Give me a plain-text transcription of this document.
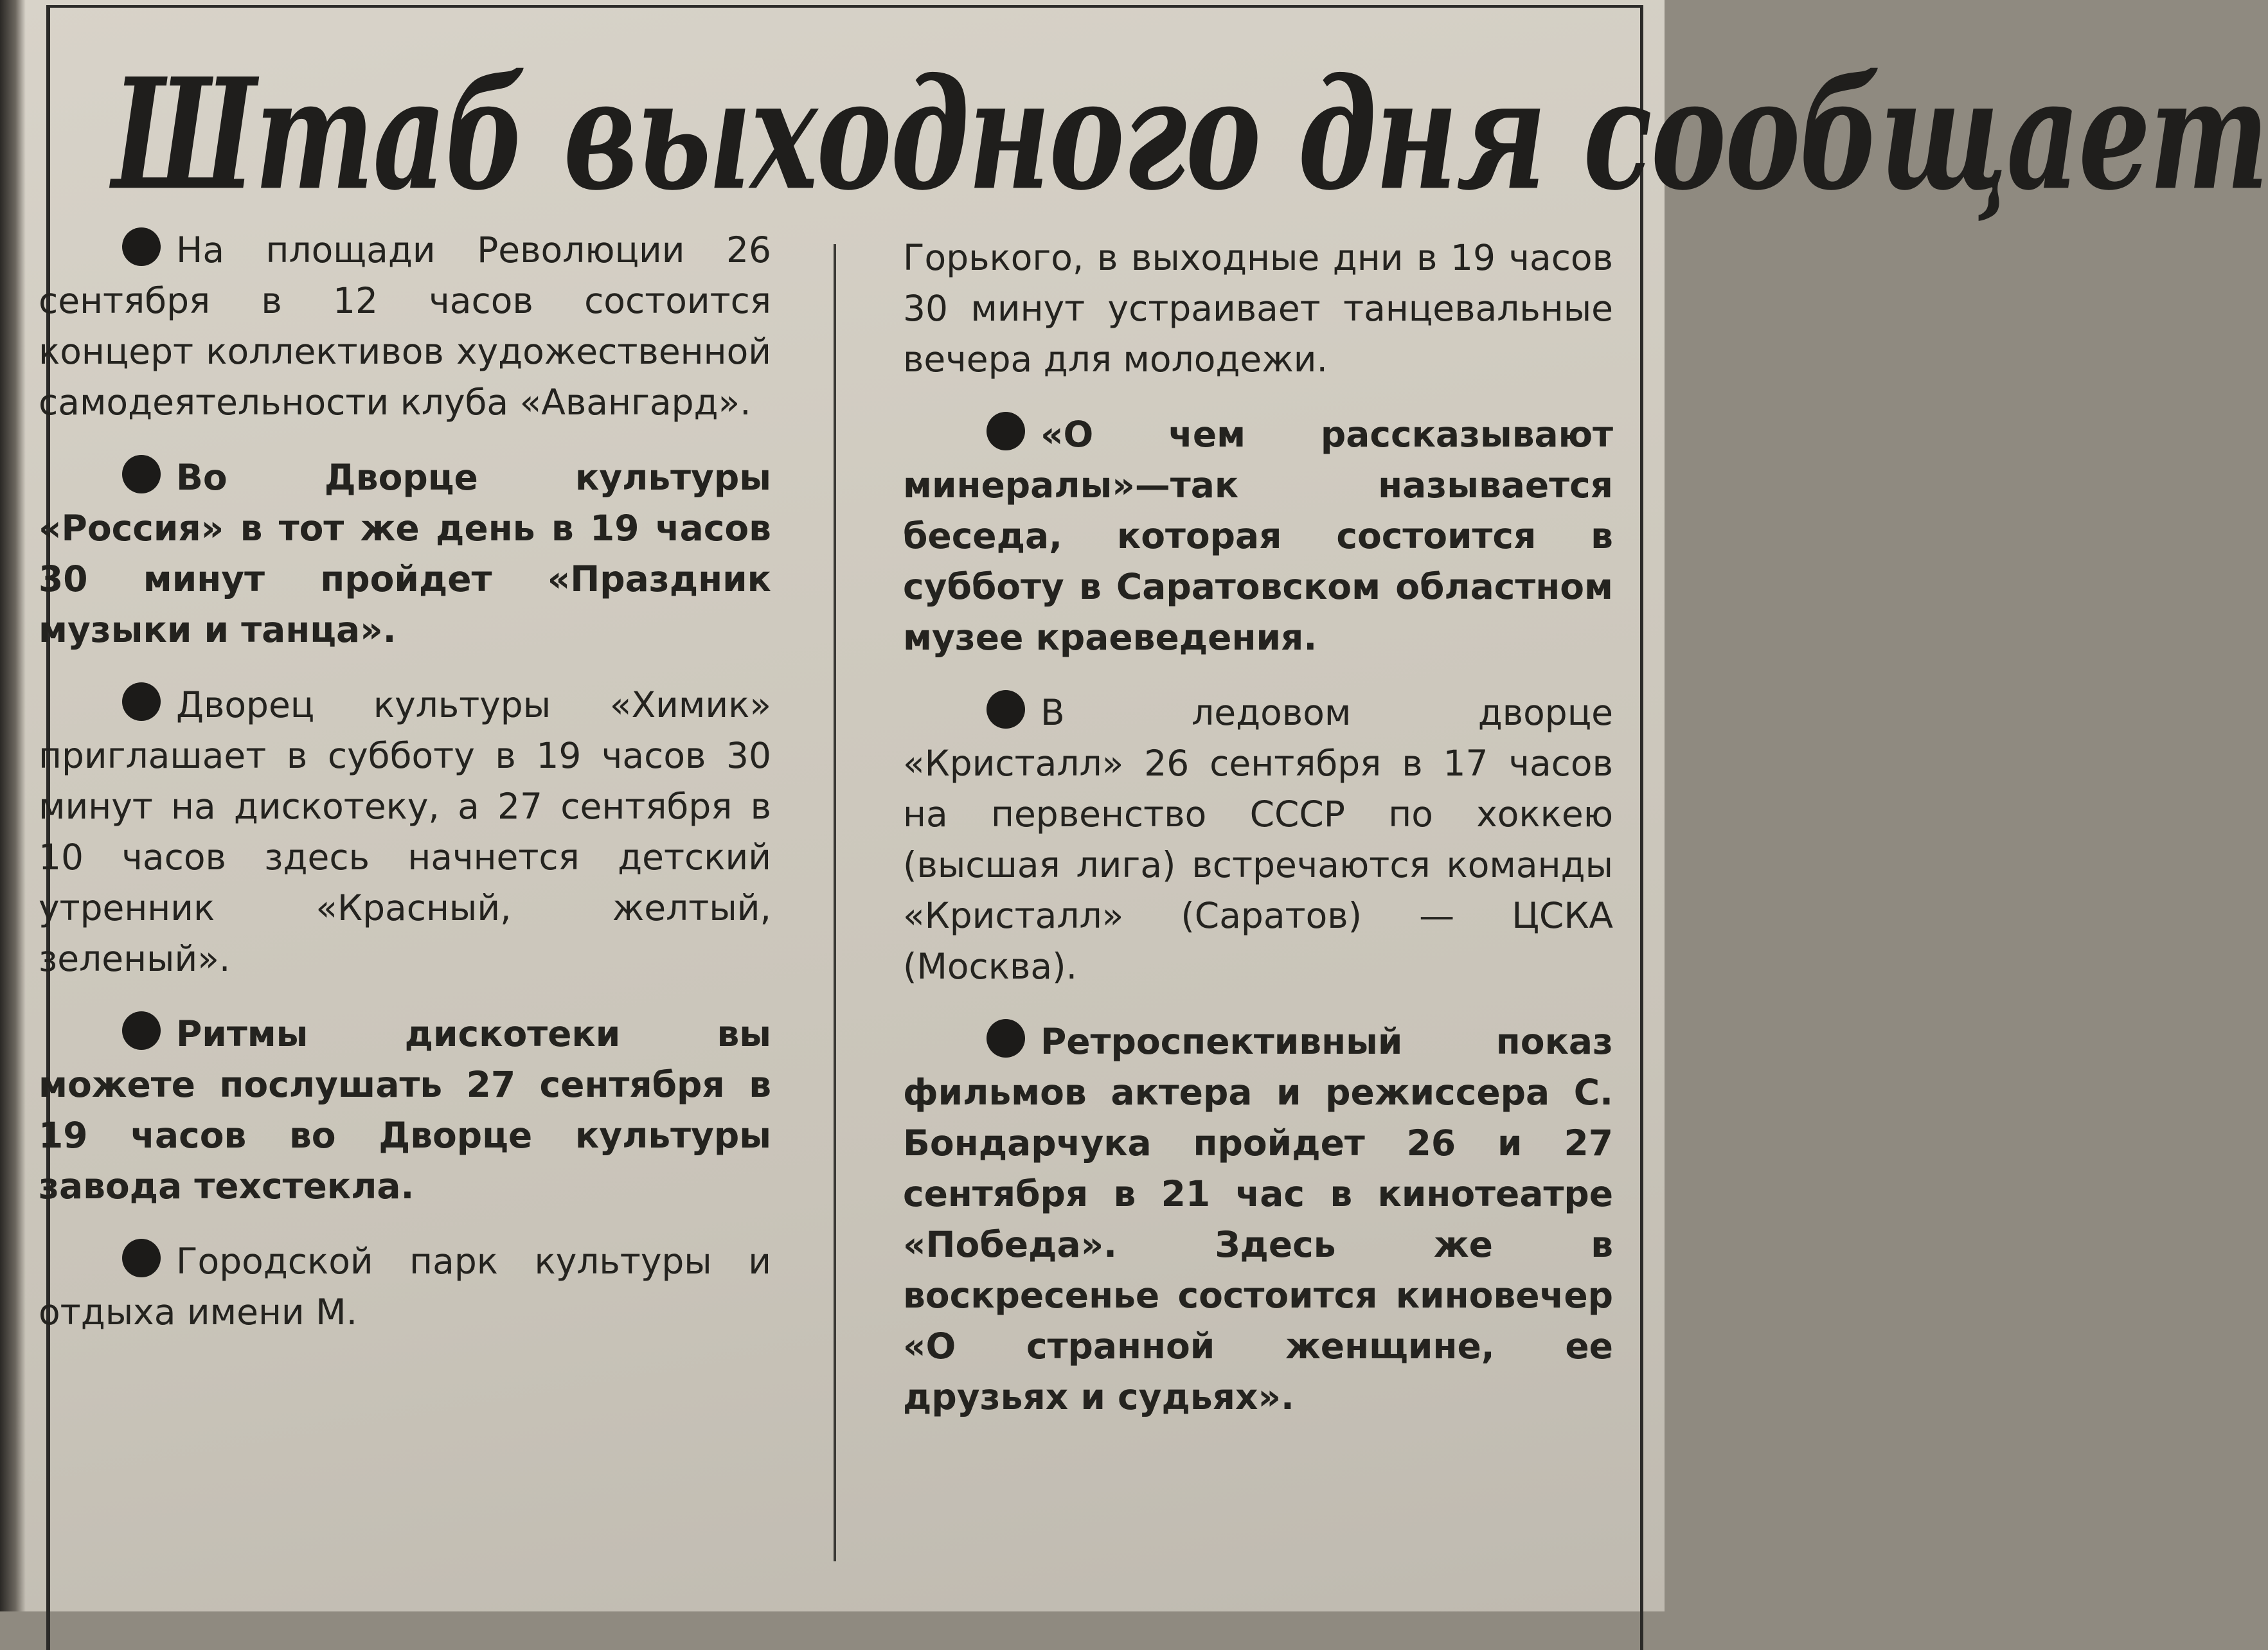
Штаб выходного дня сообщает

На площади Революции 26 сентября в 12 часов состоится концерт коллективов художественной самодеятельности клуба «Авангард».

Во Дворце культуры «Россия» в тот же день в 19 часов 30 минут пройдет «Праздник музыки и танца».

Дворец культуры «Химик» приглашает в субботу в 19 часов 30 минут на дискотеку, а 27 сентября в 10 часов здесь начнется детский утренник «Красный, желтый, зеленый».

Ритмы дискотеки вы можете послушать 27 сентября в 19 часов во Дворце культуры завода техстекла.

Городской парк культуры и отдыха имени М.

Горького, в выходные дни в 19 часов 30 минут устраивает танцевальные вечера для молодежи.

«О чем рассказывают минералы»—так называется беседа, которая состоится в субботу в Саратовском областном музее краеведения.

В ледовом дворце «Кристалл» 26 сентября в 17 часов на первенство СССР по хоккею (высшая лига) встречаются команды «Кристалл» (Саратов) — ЦСКА (Москва).

Ретроспективный показ фильмов актера и режиссера С. Бондарчука пройдет 26 и 27 сентября в 21 час в кинотеатре «Победа». Здесь же в воскресенье состоится киновечер «О странной женщине, ее друзьях и судьях».
